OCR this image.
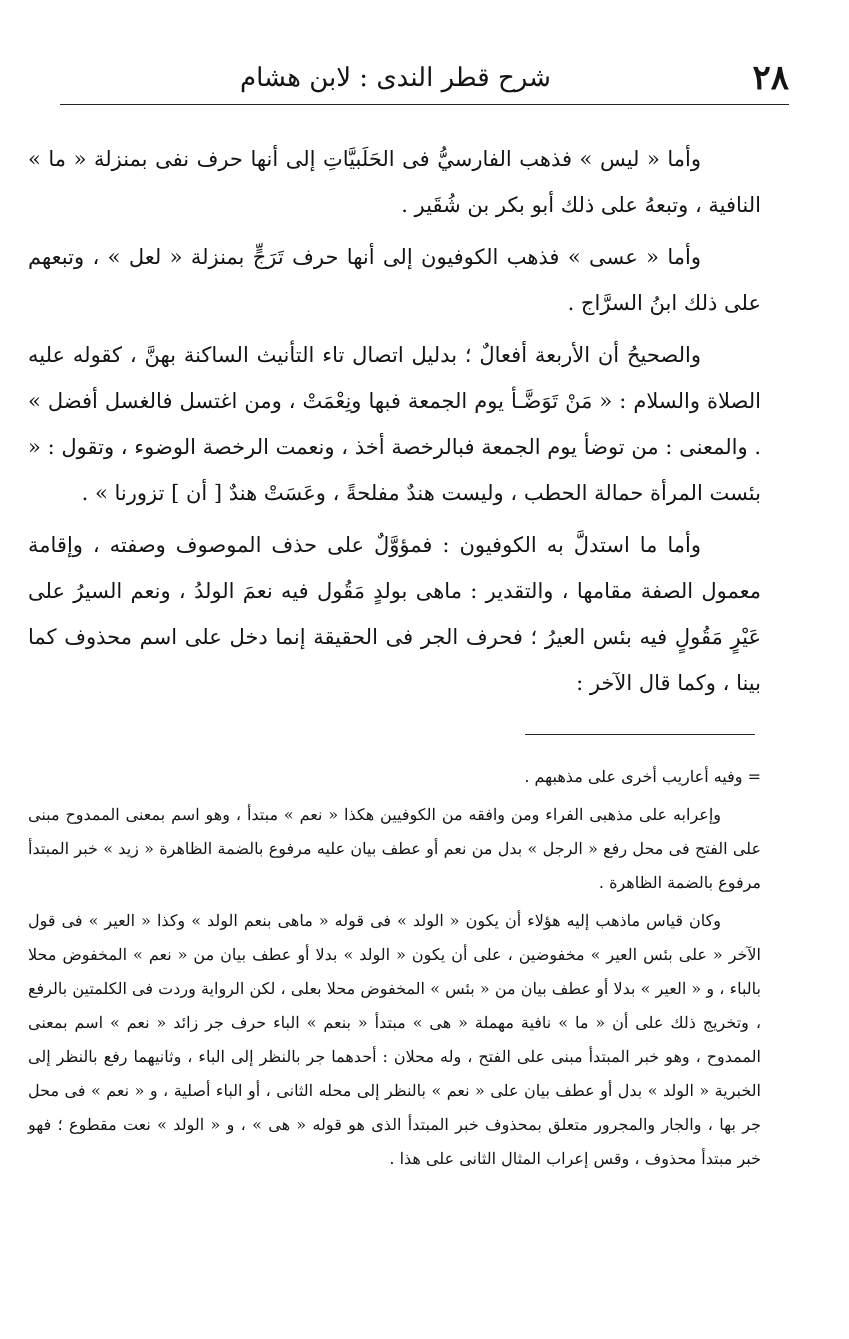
٢٨
شرح قطر الندى : لابن هشام

وأما « ليس » فذهب الفارسيُّ فى الحَلَبيَّاتِ إلى أنها حرف نفى بمنزلة « ما » النافية ، وتبعهُ على ذلك أبو بكر بن شُقَير .

وأما « عسى » فذهب الكوفيون إلى أنها حرف تَرَجٍّ بمنزلة « لعل » ، وتبعهم على ذلك ابنُ السرَّاج .

والصحيحُ أن الأربعة أفعالٌ ؛ بدليل اتصال تاء التأنيث الساكنة بهنَّ ، كقوله عليه الصلاة والسلام : « مَنْ تَوَضَّـأ يوم الجمعة فبها ونِعْمَتْ ، ومن اغتسل فالغسل أفضل » . والمعنى : من توضأ يوم الجمعة فبالرخصة أخذ ، ونعمت الرخصة الوضوء ، وتقول : « بئست المرأة حمالة الحطب ، وليست هندٌ مفلحةً ، وعَسَتْ هندٌ [ أن ] تزورنا » .

وأما ما استدلَّ به الكوفيون : فمؤوَّلٌ على حذف الموصوف وصفته ، وإقامة معمول الصفة مقامها ، والتقدير : ماهى بولدٍ مَقُول فيه نعمَ الولدُ ، ونعم السيرُ على عَيْرٍ مَقُولٍ فيه بئس العيرُ ؛ فحرف الجر فى الحقيقة إنما دخل على اسم محذوف كما بينا ، وكما قال الآخر :

= وفيه أعاريب أخرى على مذهبهم .

وإعرابه على مذهبى الفراء ومن وافقه من الكوفيين هكذا « نعم » مبتدأ ، وهو اسم بمعنى الممدوح مبنى على الفتح فى محل رفع « الرجل » بدل من نعم أو عطف بيان عليه مرفوع بالضمة الظاهرة « زيد » خبر المبتدأ مرفوع بالضمة الظاهرة .

وكان قياس ماذهب إليه هؤلاء أن يكون « الولد » فى قوله « ماهى بنعم الولد » وكذا « العير » فى قول الآخر « على بئس العير » مخفوضين ، على أن يكون « الولد » بدلا أو عطف بيان من « نعم » المخفوض محلا بالباء ، و « العير » بدلا أو عطف بيان من « بئس » المخفوض محلا بعلى ، لكن الرواية وردت فى الكلمتين بالرفع ، وتخريج ذلك على أن « ما » نافية مهملة « هى » مبتدأ « بنعم » الباء حرف جر زائد « نعم » اسم بمعنى الممدوح ، وهو خبر المبتدأ مبنى على الفتح ، وله محلان : أحدهما جر بالنظر إلى الباء ، وثانيهما رفع بالنظر إلى الخبرية « الولد » بدل أو عطف بيان على « نعم » بالنظر إلى محله الثانى ، أو الباء أصلية ، و « نعم » فى محل جر بها ، والجار والمجرور متعلق بمحذوف خبر المبتدأ الذى هو قوله « هى » ، و « الولد » نعت مقطوع ؛ فهو خبر مبتدأ محذوف ، وقس إعراب المثال الثانى على هذا .
